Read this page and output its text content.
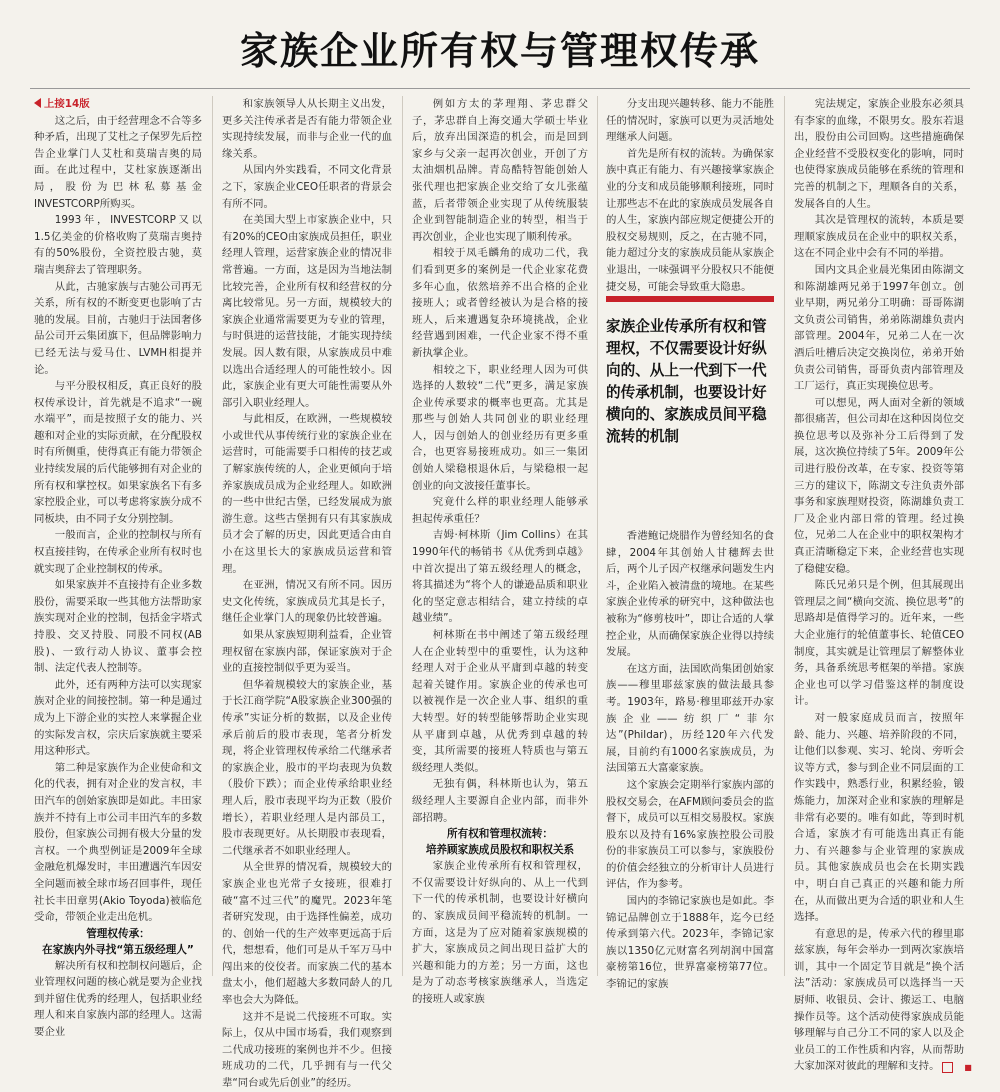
家族企业所有权与管理权传承

上接14版

这之后，由于经营理念不合等多种矛盾，出现了艾杜之子保罗先后控告企业掌门人艾杜和莫瑞吉奥的局面。在此过程中，艾杜家族逐渐出局，股份为巴林私募基金INVESTCORP所购买。

1993年，INVESTCORP又以1.5亿美金的价格收购了莫瑞吉奥持有的50%股份，全资控股古驰，莫瑞吉奥辞去了管理职务。

从此，古驰家族与古驰公司再无关系，所有权的不断变更也影响了古驰的发展。目前，古驰归于法国奢侈品公司开云集团旗下，但品牌影响力已经无法与爱马仕、LVMH相提并论。

与平分股权相反，真正良好的股权传承设计，首先就是不追求“一碗水端平”，而是按照子女的能力、兴趣和对企业的实际贡献，在分配股权时有所侧重，使得真正有能力带领企业持续发展的后代能够拥有对企业的所有权和掌控权。如果家族名下有多家控股企业，可以考虑将家族分成不同板块，由不同子女分别控制。

一般而言，企业的控制权与所有权直接挂钩，在传承企业所有权时也就实现了企业控制权的传承。

如果家族并不直接持有企业多数股份，需要采取一些其他方法帮助家族实现对企业的控制，包括金字塔式持股、交叉持股、同股不同权(AB股)、一致行动人协议、董事会控制、法定代表人控制等。

此外，还有两种方法可以实现家族对企业的间接控制。第一种是通过成为上下游企业的实控人来掌握企业的实际发言权，宗庆后家族就主要采用这种形式。

第二种是家族作为企业使命和文化的代表，拥有对企业的发言权，丰田汽车的创始家族即是如此。丰田家族并不持有上市公司丰田汽车的多数股份，但家族公司拥有极大分量的发言权。一个典型例证是2009年全球金融危机爆发时，丰田遭遇汽车因安全问题而被全球市场召回事件，现任社长丰田章男(Akio Toyoda)被临危受命，带领企业走出危机。

管理权传承：
在家族内外寻找“第五级经理人”

解决所有权和控制权问题后，企业管理权问题的核心就是要为企业找到并留住优秀的经理人，包括职业经理人和来自家族内部的经理人。这需要企业

和家族领导人从长期主义出发，更多关注传承者是否有能力带领企业实现持续发展，而非与企业一代的血缘关系。

从国内外实践看，不同文化背景之下，家族企业CEO任职者的背景会有所不同。

在美国大型上市家族企业中，只有20%的CEO由家族成员担任，职业经理人管理，运营家族企业的情况非常普遍。一方面，这是因为当地法制比较完善，企业所有权和经营权的分离比较常见。另一方面，规模较大的家族企业通常需要更为专业的管理，与时俱进的运营技能，才能实现持续发展。因人数有限，从家族成员中难以选出合适经理人的可能性较小。因此，家族企业有更大可能性需要从外部引入职业经理人。

与此相反，在欧洲，一些规模较小或世代从事传统行业的家族企业在运营时，可能需要手口相传的技艺或了解家族传统的人，企业更倾向于培养家族成员成为企业经理人。如欧洲的一些中世纪古堡，已经发展成为旅游生意。这些古堡拥有只有其家族成员才会了解的历史，因此更适合由自小在这里长大的家族成员运营和管理。

在亚洲，情况又有所不同。因历史文化传统，家族成员尤其是长子，继任企业掌门人的现象仍比较普遍。

如果从家族短期利益看，企业管理权留在家族内部，保证家族对于企业的直接控制似乎更为妥当。

但华着规模较大的家族企业，基于长江商学院“A股家族企业300强的传承”实证分析的数据，以及企业传承后前后的股市表现，笔者分析发现，将企业管理权传承给二代继承者的家族企业，股市的平均表现为负数（股价下跌）；而企业传承给职业经理人后，股市表现平均为正数（股价增长），若职业经理人是内部员工，股市表现更好。从长期股市表现看，二代继承者不如职业经理人。

从全世界的情况看，规模较大的家族企业也光常子女接班，很难打破“富不过三代”的魔咒。2023年笔者研究发现，由于选择性偏差，成功的、创始一代的生产效率更远高于后代，想想看，他们可是从千军万马中闯出来的佼佼者。而家族二代的基本盘太小，他们超越大多数同龄人的几率也会大为降低。

这并不是说二代接班不可取。实际上，仅从中国市场看，我们观察到二代成功接班的案例也并不少。但接班成功的二代，几乎拥有与一代父辈“同台或先后创业”的经历。

例如方太的茅理翔、茅忠群父子，茅忠群自上海交通大学硕士毕业后，放弃出国深造的机会，而是回到家乡与父亲一起再次创业，开创了方太油烟机品牌。青岛酷特智能创始人张代理也把家族企业交给了女儿张蕴蓝，后者带领企业实现了从传统服装企业到智能制造企业的转型，相当于再次创业，企业也实现了顺利传承。

相较于凤毛麟角的成功二代，我们看到更多的案例是一代企业家花费多年心血，依然培养不出合格的企业接班人；或者曾经被认为是合格的接班人，后来遭遇复杂环境挑战，企业经营遇到困难，一代企业家不得不重新执掌企业。

相较之下，职业经理人因为可供选择的人数较“二代”更多，满足家族企业传承要求的概率也更高。尤其是那些与创始人共同创业的职业经理人，因与创始人的创业经历有更多重合，也更容易接班成功。如三一集团创始人梁稳根退休后，与梁稳根一起创业的向文波接任董事长。

究竟什么样的职业经理人能够承担起传承重任？

吉姆·柯林斯（Jim Collins）在其1990年代的畅销书《从优秀到卓越》中首次提出了第五级经理人的概念，将其描述为“将个人的谦逊品质和职业化的坚定意志相结合，建立持续的卓越业绩”。

柯林斯在书中阐述了第五级经理人在企业转型中的重要性，认为这种经理人对于企业从平庸到卓越的转变起着关键作用。家族企业的传承也可以被视作是一次企业人事、组织的重大转型。好的转型能够帮助企业实现从平庸到卓越，从优秀到卓越的转变，其所需要的接班人特质也与第五级经理人类似。

无独有偶，科林斯也认为，第五级经理人主要源自企业内部，而非外部招聘。

所有权和管理权流转：
培养顾家族成员股权和职权关系

家族企业传承所有权和管理权，不仅需要设计好纵向的、从上一代到下一代的传承机制，也要设计好横向的、家族成员间平稳流转的机制。一方面，这是为了应对随着家族规模的扩大，家族成员之间出现日益扩大的兴趣和能力的方差；另一方面，这也是为了动态考核家族继承人，当选定的接班人或家族

分支出现兴趣转移、能力不能胜任的情况时，家族可以更为灵活地处理继承人问题。

首先是所有权的流转。为确保家族中真正有能力、有兴趣接掌家族企业的分支和成员能够顺利接班，同时让那些志不在此的家族成员发展各自的人生，家族内部应规定便捷公开的股权交易规则，反之，在古驰不同，能力超过分支的家族成员能从家族企业退出，一味强调平分股权只不能便捷交易，可能会导致重大隐患。

家族企业传承所有权和管理权，不仅需要设计好纵向的、从上一代到下一代的传承机制，也要设计好横向的、家族成员间平稳流转的机制

香港鲍记烧腊作为曾经知名的食肆，2004年其创始人甘穗辉去世后，两个儿子因产权继承问题发生内斗，企业陷入被清盘的境地。在某些家族企业传承的研究中，这种做法也被称为“修剪枝叶”，即让合适的人掌控企业，从而确保家族企业得以持续发展。

在这方面，法国欧尚集团创始家族——穆里耶兹家族的做法最具参考。1903年，路易·穆里耶兹开办家族企业——纺织厂“菲尔达”(Phildar)，历经120年六代发展，目前约有1000名家族成员，为法国第五大富豪家族。

这个家族会定期举行家族内部的股权交易会，在AFM顾问委员会的监督下，成员可以互相交易股权。家族股东以及持有16%家族控股公司股份的非家族员工可以参与，家族股份的价值会经独立的分析审计人员进行评估，作为参考。

国内的李锦记家族也是如此。李锦记品牌创立于1888年，迄今已经传承到第六代。2023年，李锦记家族以1350亿元财富名列胡润中国富豪榜第16位，世界富豪榜第77位。李锦记的家族

宪法规定，家族企业股东必须具有李家的血缘，不限男女。股东若退出，股份由公司回购。这些措施确保企业经营不受股权变化的影响，同时也使得家族成员能够在系统的管理和完善的机制之下，理顺各自的关系，发展各自的人生。

其次是管理权的流转，本质是要理顺家族成员在企业中的职权关系，这在不同企业中会有不同的举措。

国内文具企业晨光集团由陈湖文和陈湖雄两兄弟于1997年创立。创业早期，两兄弟分工明确：哥哥陈湖文负责公司销售，弟弟陈湖雄负责内部管理。2004年，兄弟二人在一次酒后吐槽后决定交换岗位，弟弟开始负责公司销售，哥哥负责内部管理及工厂运行，真正实现换位思考。

可以想见，两人面对全新的领域都很痛苦，但公司却在这种因岗位交换位思考以及弥补分工后得到了发展，这次换位持续了5年。2009年公司进行股份改革，在专家、投资等第三方的建议下，陈湖文专注负责外部事务和家族理财投资，陈湖雄负责工厂及企业内部日常的管理。经过换位，兄弟二人在企业中的职权架构才真正清晰稳定下来，企业经营也实现了稳健安稳。

陈氏兄弟只是个例，但其展现出管理层之间“横向交流、换位思考”的思路却是值得学习的。近年来，一些大企业施行的轮值董事长、轮值CEO制度，其实就是让管理层了解整体业务，具备系统思考框架的举措。家族企业也可以学习借鉴这样的制度设计。

对一般家庭成员而言，按照年龄、能力、兴趣、培养阶段的不同，让他们以参观、实习、轮岗、旁听会议等方式，参与到企业不同层面的工作实践中，熟悉行业，积累经验，锻炼能力，加深对企业和家族的理解是非常有必要的。唯有如此，等到时机合适，家族才有可能选出真正有能力、有兴趣参与企业管理的家族成员。其他家族成员也会在长期实践中，明白自己真正的兴趣和能力所在，从而做出更为合适的职业和人生选择。

有意思的是，传承六代的穆里耶兹家族，每年会举办一到两次家族培训，其中一个固定节目就是“换个活法”活动：家族成员可以选择当一天厨师、收银员、会计、搬运工、电脑操作员等。这个活动使得家族成员能够理解与自己分工不同的家人以及企业员工的工作性质和内容，从而帮助大家加深对彼此的理解和支持。	■
